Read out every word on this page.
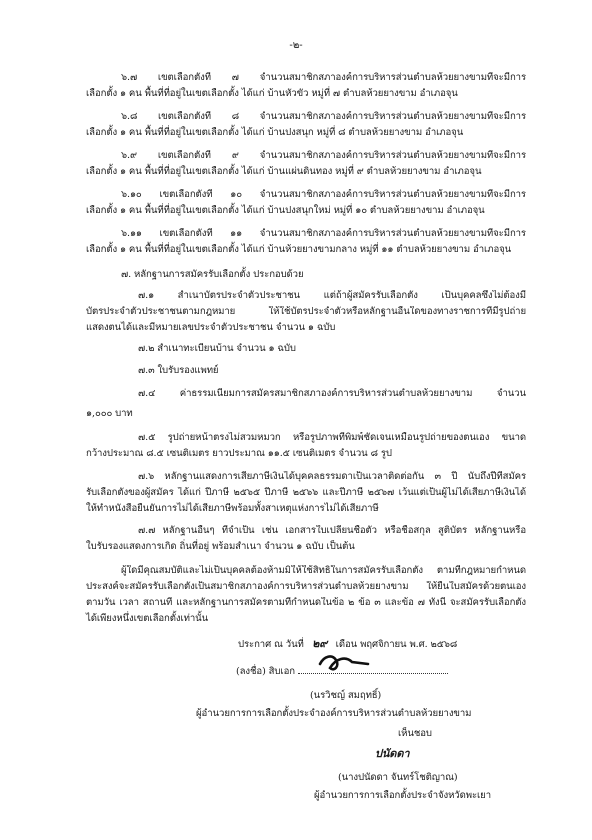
-๒-
๖.๗ เขตเลือกตั้งที่ ๗ จำนวนสมาชิกสภาองค์การบริหารส่วนตำบลห้วยยางขามที่จะมีการ
เลือกตั้ง ๑ คน พื้นที่ที่อยู่ในเขตเลือกตั้ง ได้แก่ บ้านหัวขัว หมู่ที่ ๗ ตำบลห้วยยางขาม อำเภอจุน
๖.๘ เขตเลือกตั้งที่ ๘ จำนวนสมาชิกสภาองค์การบริหารส่วนตำบลห้วยยางขามที่จะมีการ
เลือกตั้ง ๑ คน พื้นที่ที่อยู่ในเขตเลือกตั้ง ได้แก่ บ้านปงสนุก หมู่ที่ ๘ ตำบลห้วยยางขาม อำเภอจุน
๖.๙ เขตเลือกตั้งที่ ๙ จำนวนสมาชิกสภาองค์การบริหารส่วนตำบลห้วยยางขามที่จะมีการ
เลือกตั้ง ๑ คน พื้นที่ที่อยู่ในเขตเลือกตั้ง ได้แก่ บ้านแผ่นดินทอง หมู่ที่ ๙ ตำบลห้วยยางขาม อำเภอจุน
๖.๑๐ เขตเลือกตั้งที่ ๑๐ จำนวนสมาชิกสภาองค์การบริหารส่วนตำบลห้วยยางขามที่จะมีการ
เลือกตั้ง ๑ คน พื้นที่ที่อยู่ในเขตเลือกตั้ง ได้แก่ บ้านปงสนุกใหม่ หมู่ที่ ๑๐ ตำบลห้วยยางขาม อำเภอจุน
๖.๑๑ เขตเลือกตั้งที่ ๑๑ จำนวนสมาชิกสภาองค์การบริหารส่วนตำบลห้วยยางขามที่จะมีการ
เลือกตั้ง ๑ คน พื้นที่ที่อยู่ในเขตเลือกตั้ง ได้แก่ บ้านห้วยยางขามกลาง หมู่ที่ ๑๑ ตำบลห้วยยางขาม อำเภอจุน
๗. หลักฐานการสมัครรับเลือกตั้ง ประกอบด้วย
๗.๑ สำเนาบัตรประจำตัวประชาชน แต่ถ้าผู้สมัครรับเลือกตั้ง เป็นบุคคลซึ่งไม่ต้องมี
บัตรประจำตัวประชาชนตามกฎหมาย ให้ใช้บัตรประจำตัวหรือหลักฐานอื่นใดของทางราชการที่มีรูปถ่าย
แสดงตนได้และมีหมายเลขประจำตัวประชาชน จำนวน ๑ ฉบับ
๗.๒ สำเนาทะเบียนบ้าน จำนวน ๑ ฉบับ
๗.๓ ใบรับรองแพทย์
๗.๔ ค่าธรรมเนียมการสมัครสมาชิกสภาองค์การบริหารส่วนตำบลห้วยยางขาม จำนวน
๑,๐๐๐ บาท
๗.๕ รูปถ่ายหน้าตรงไม่สวมหมวก หรือรูปภาพที่พิมพ์ชัดเจนเหมือนรูปถ่ายของตนเอง ขนาด
กว้างประมาณ ๘.๕ เซนติเมตร ยาวประมาณ ๑๑.๕ เซนติเมตร จำนวน ๘ รูป
๗.๖ หลักฐานแสดงการเสียภาษีเงินได้บุคคลธรรมดาเป็นเวลาติดต่อกัน ๓ ปี นับถึงปีที่สมัคร
รับเลือกตั้งของผู้สมัคร ได้แก่ ปีภาษี ๒๕๖๕ ปีภาษี ๒๕๖๖ และปีภาษี ๒๕๖๗ เว้นแต่เป็นผู้ไม่ได้เสียภาษีเงินได้
ให้ทำหนังสือยืนยันการไม่ได้เสียภาษีพร้อมทั้งสาเหตุแห่งการไม่ได้เสียภาษี
๗.๗ หลักฐานอื่นๆ ที่จำเป็น เช่น เอกสารใบเปลี่ยนชื่อตัว หรือชื่อสกุล สูติบัตร หลักฐานหรือ
ใบรับรองแสดงการเกิด ถิ่นที่อยู่ พร้อมสำเนา จำนวน ๑ ฉบับ เป็นต้น
ผู้ใดมีคุณสมบัติและไม่เป็นบุคคลต้องห้ามมิให้ใช้สิทธิในการสมัครรับเลือกตั้ง ตามที่กฎหมายกำหนด
ประสงค์จะสมัครรับเลือกตั้งเป็นสมาชิกสภาองค์การบริหารส่วนตำบลห้วยยางขาม ให้ยื่นใบสมัครด้วยตนเอง
ตามวัน เวลา สถานที่ และหลักฐานการสมัครตามที่กำหนดในข้อ ๒ ข้อ ๓ และข้อ ๗ ทั้งนี้ จะสมัครรับเลือกตั้ง
ได้เพียงหนึ่งเขตเลือกตั้งเท่านั้น
ประกาศ ณ วันที่ ๒๙ เดือน พฤศจิกายน พ.ศ. ๒๕๖๘
(ลงชื่อ) สิบเอก
(นรวิชญ์ สมฤทธิ์)
ผู้อำนวยการการเลือกตั้งประจำองค์การบริหารส่วนตำบลห้วยยางขาม
เห็นชอบ
ปนัดดา
(นางปนัดดา จันทร์โชติญาณ)
ผู้อำนวยการการเลือกตั้งประจำจังหวัดพะเยา
